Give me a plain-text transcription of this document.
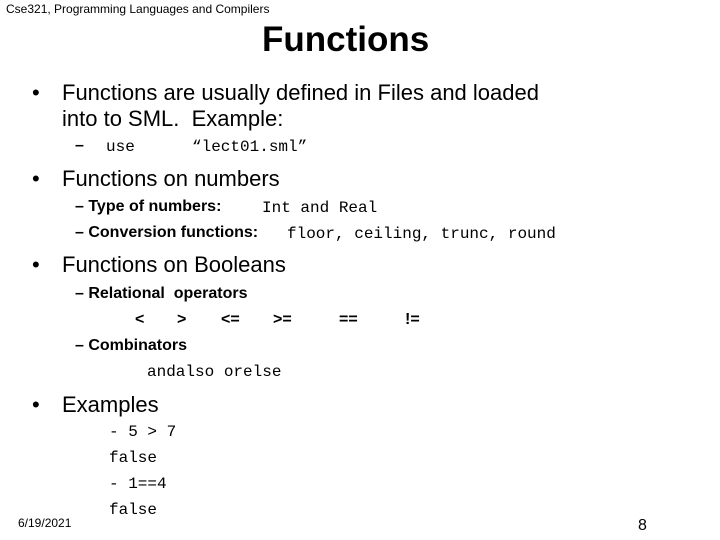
Cse321, Programming Languages and Compilers
Functions
• Functions are usually defined in Files and loaded
into to SML.  Example:
– use	“lect01.sml”
• Functions on numbers
– Type of numbers:	Int and Real
– Conversion functions: floor, ceiling, trunc, round
• Functions on Booleans
– Relational  operators
< > <= >=	==	!=
– Combinators
andalso orelse
• Examples
- 5 > 7
false
- 1==4
false
6/19/2021	8
